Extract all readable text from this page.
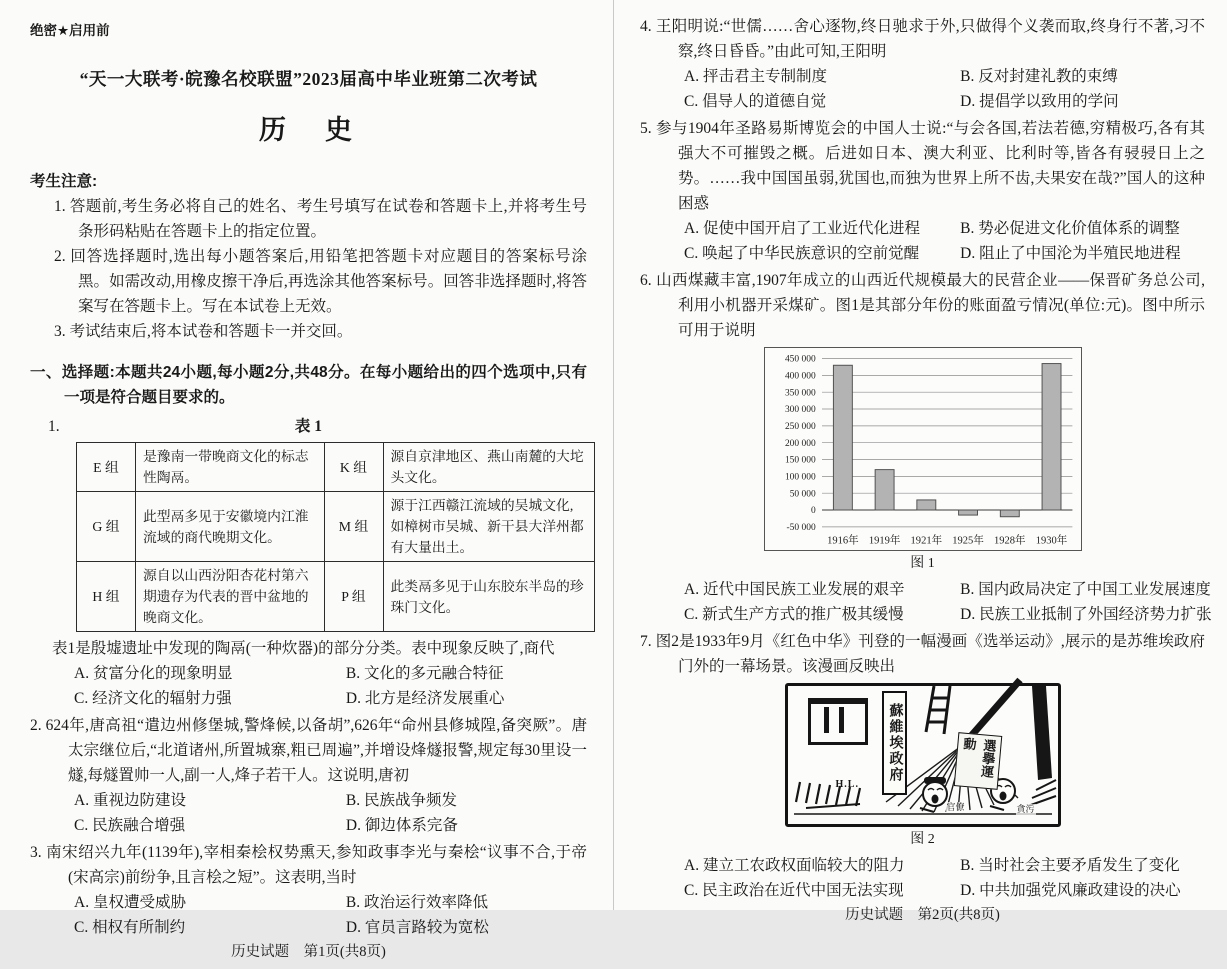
绝密★启用前
“天一大联考·皖豫名校联盟”2023届高中毕业班第二次考试
历　史
考生注意:
1. 答题前,考生务必将自己的姓名、考生号填写在试卷和答题卡上,并将考生号条形码粘贴在答题卡上的指定位置。
2. 回答选择题时,选出每小题答案后,用铅笔把答题卡对应题目的答案标号涂黑。如需改动,用橡皮擦干净后,再选涂其他答案标号。回答非选择题时,将答案写在答题卡上。写在本试卷上无效。
3. 考试结束后,将本试卷和答题卡一并交回。
一、选择题:本题共24小题,每小题2分,共48分。在每小题给出的四个选项中,只有一项是符合题目要求的。
1.	表 1
E 组	是豫南一带晚商文化的标志性陶鬲。	K 组	源自京津地区、燕山南麓的大坨头文化。
G 组	此型鬲多见于安徽境内江淮流域的商代晚期文化。	M 组	源于江西赣江流域的吴城文化,如樟树市吴城、新干县大洋州都有大量出土。
H 组	源自以山西汾阳杏花村第六期遗存为代表的晋中盆地的晚商文化。	P 组	此类鬲多见于山东胶东半岛的珍珠门文化。
表1是殷墟遗址中发现的陶鬲(一种炊器)的部分分类。表中现象反映了,商代
A. 贫富分化的现象明显	B. 文化的多元融合特征
C. 经济文化的辐射力强	D. 北方是经济发展重心
2. 624年,唐高祖“遣边州修堡城,警烽候,以备胡”,626年“命州县修城隍,备突厥”。唐太宗继位后,“北道诸州,所置城寨,粗已周遍”,并增设烽燧报警,规定每30里设一燧,每燧置帅一人,副一人,烽子若干人。这说明,唐初
A. 重视边防建设	B. 民族战争频发
C. 民族融合增强	D. 御边体系完备
3. 南宋绍兴九年(1139年),宰相秦桧权势熏天,参知政事李光与秦桧“议事不合,于帝(宋高宗)前纷争,且言桧之短”。这表明,当时
A. 皇权遭受威胁	B. 政治运行效率降低
C. 相权有所制约	D. 官员言路较为宽松
历史试题　第1页(共8页)
4. 王阳明说:“世儒……舍心逐物,终日驰求于外,只做得个义袭而取,终身行不著,习不察,终日昏昏。”由此可知,王阳明
A. 抨击君主专制制度	B. 反对封建礼教的束缚
C. 倡导人的道德自觉	D. 提倡学以致用的学问
5. 参与1904年圣路易斯博览会的中国人士说:“与会各国,若法若德,穷精极巧,各有其强大不可摧毁之概。后进如日本、澳大利亚、比利时等,皆各有骎骎日上之势。……我中国国虽弱,犹国也,而独为世界上所不齿,夫果安在哉?”国人的这种困惑
A. 促使中国开启了工业近代化进程	B. 势必促进文化价值体系的调整
C. 唤起了中华民族意识的空前觉醒	D. 阻止了中国沦为半殖民地进程
6. 山西煤藏丰富,1907年成立的山西近代规模最大的民营企业——保晋矿务总公司,利用小机器开采煤矿。图1是其部分年份的账面盈亏情况(单位:元)。图中所示可用于说明
-50 000
0
50 000
100 000
150 000
200 000
250 000
300 000
350 000
400 000
450 000
1916年 1919年 1921年 1925年 1928年 1930年
图 1
A. 近代中国民族工业发展的艰辛	B. 国内政局决定了中国工业发展速度
C. 新式生产方式的推广极其缓慢	D. 民族工业抵制了外国经济势力扩张
7. 图2是1933年9月《红色中华》刊登的一幅漫画《选举运动》,展示的是苏维埃政府门外的一幕场景。该漫画反映出
蘇維埃政府	選擧運動
H.L.
官僚	貪污
图 2
A. 建立工农政权面临较大的阻力	B. 当时社会主要矛盾发生了变化
C. 民主政治在近代中国无法实现	D. 中共加强党风廉政建设的决心
历史试题　第2页(共8页)
